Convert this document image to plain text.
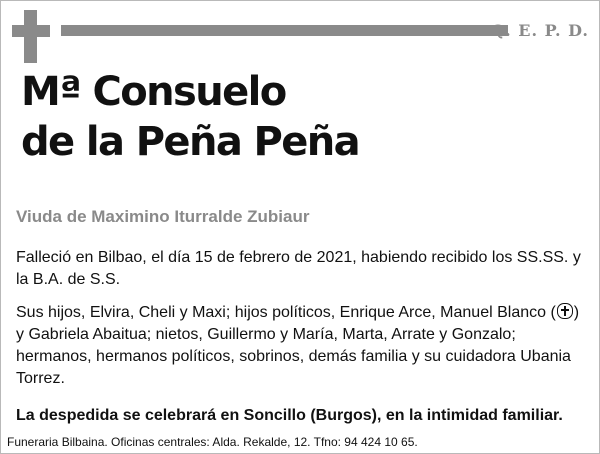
Q. E. P. D.
Mª Consuelo
de la Peña Peña
Viuda de Maximino Iturralde Zubiaur
Falleció en Bilbao, el día 15 de febrero de 2021, habiendo recibido los SS.SS. y la B.A. de S.S.
Sus hijos, Elvira, Cheli y Maxi; hijos políticos, Enrique Arce, Manuel Blanco ( ) y Gabriela Abaitua; nietos, Guillermo y María, Marta, Arrate y Gonzalo; hermanos, hermanos políticos, sobrinos, demás familia y su cuidadora Ubania Torrez.
La despedida se celebrará en Soncillo (Burgos), en la intimidad familiar.
Funeraria Bilbaina. Oficinas centrales: Alda. Rekalde, 12. Tfno: 94 424 10 65.
